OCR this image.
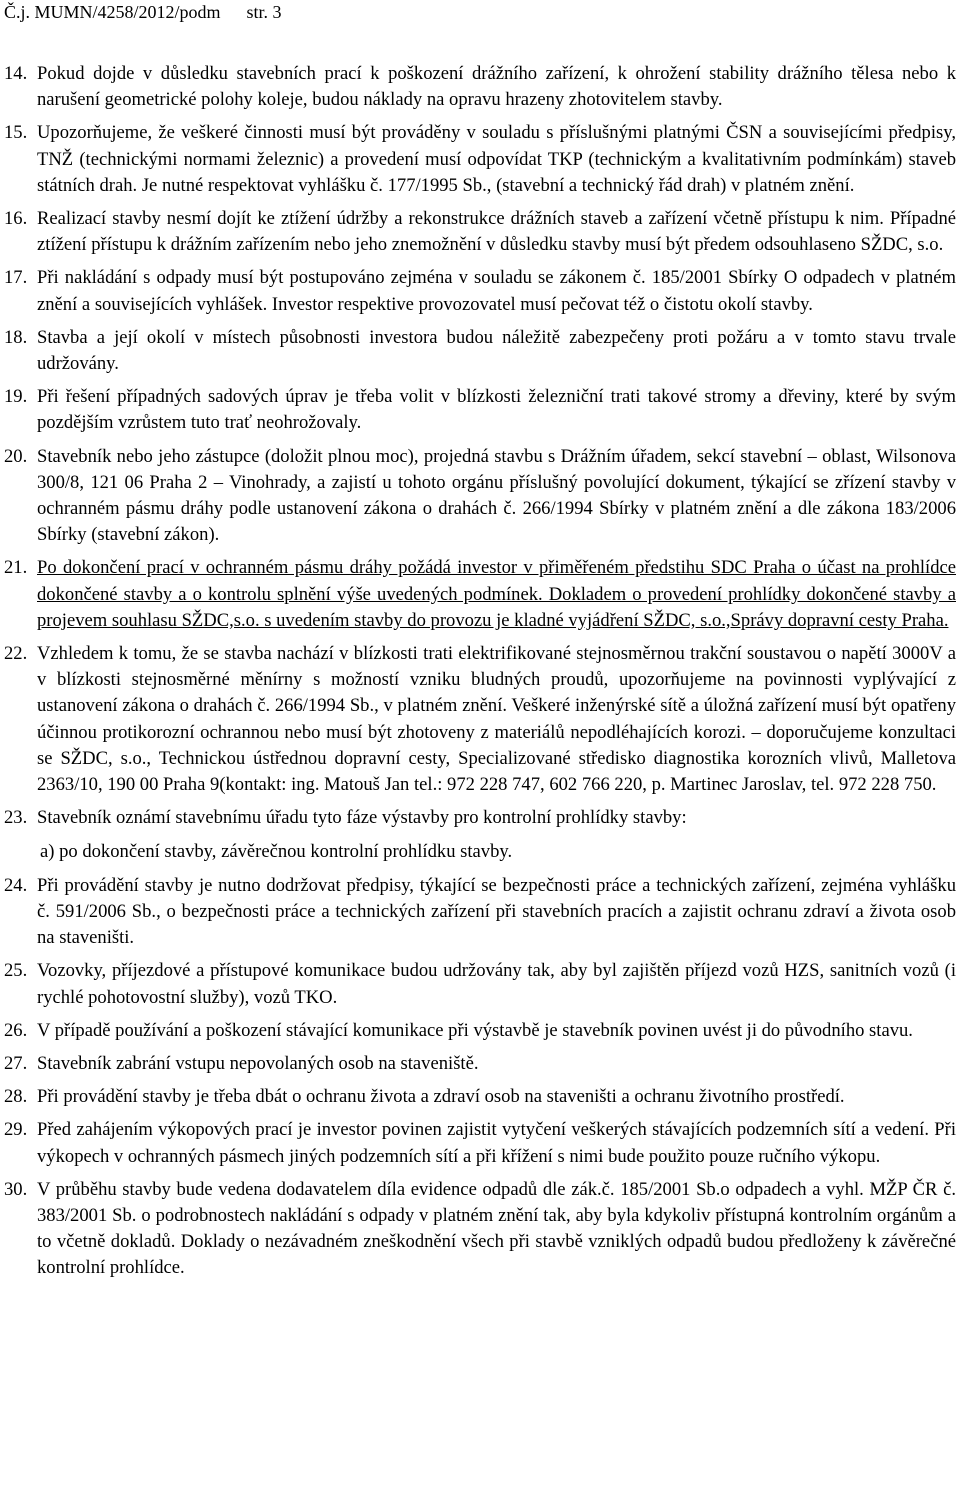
Č.j. MUMN/4258/2012/podm str. 3
14. Pokud dojde v důsledku stavebních prací k poškození drážního zařízení, k ohrožení stability drážního tělesa nebo k narušení geometrické polohy koleje, budou náklady na opravu hrazeny zhotovitelem stavby.
15. Upozorňujeme, že veškeré činnosti musí být prováděny v souladu s příslušnými platnými ČSN a souvisejícími předpisy, TNŽ (technickými normami železnic) a provedení musí odpovídat TKP (technickým a kvalitativním podmínkám) staveb státních drah. Je nutné respektovat vyhlášku č. 177/1995 Sb., (stavební a technický řád drah) v platném znění.
16. Realizací stavby nesmí dojít ke ztížení údržby a rekonstrukce drážních staveb a zařízení včetně přístupu k nim. Případné ztížení přístupu k drážním zařízením nebo jeho znemožnění v důsledku stavby musí být předem odsouhlaseno SŽDC, s.o.
17. Při nakládání s odpady musí být postupováno zejména v souladu se zákonem č. 185/2001 Sbírky O odpadech v platném znění a souvisejících vyhlášek. Investor respektive provozovatel musí pečovat též o čistotu okolí stavby.
18. Stavba a její okolí v místech působnosti investora budou náležitě zabezpečeny proti požáru a v tomto stavu trvale udržovány.
19. Při řešení případných sadových úprav je třeba volit v blízkosti železniční trati takové stromy a dřeviny, které by svým pozdějším vzrůstem tuto trať neohrožovaly.
20. Stavebník nebo jeho zástupce (doložit plnou moc), projedná stavbu s Drážním úřadem, sekcí stavební – oblast, Wilsonova 300/8, 121 06 Praha 2 – Vinohrady, a zajistí u tohoto orgánu příslušný povolující dokument, týkající se zřízení stavby v ochranném pásmu dráhy podle ustanovení zákona o drahách č. 266/1994 Sbírky v platném znění a dle zákona 183/2006 Sbírky (stavební zákon).
21. Po dokončení prací v ochranném pásmu dráhy požádá investor v přiměřeném předstihu SDC Praha o účast na prohlídce dokončené stavby a o kontrolu splnění výše uvedených podmínek. Dokladem o provedení prohlídky dokončené stavby a projevem souhlasu SŽDC,s.o. s uvedením stavby do provozu je kladné vyjádření SŽDC, s.o.,Správy dopravní cesty Praha.
22. Vzhledem k tomu, že se stavba nachází v blízkosti trati elektrifikované stejnosměrnou trakční soustavou o napětí 3000V a v blízkosti stejnosměrné měnírny s možností vzniku bludných proudů, upozorňujeme na povinnosti vyplývající z ustanovení zákona o drahách č. 266/1994 Sb., v platném znění. Veškeré inženýrské sítě a úložná zařízení musí být opatřeny účinnou protikorozní ochrannou nebo musí být zhotoveny z materiálů nepodléhajících korozi. – doporučujeme konzultaci se SŽDC, s.o., Technickou ústřednou dopravní cesty, Specializované středisko diagnostika korozních vlivů, Malletova 2363/10, 190 00 Praha 9(kontakt: ing. Matouš Jan tel.: 972 228 747, 602 766 220, p. Martinec Jaroslav, tel. 972 228 750.
23. Stavebník oznámí stavebnímu úřadu tyto fáze výstavby pro kontrolní prohlídky stavby:
a) po dokončení stavby, závěrečnou kontrolní prohlídku stavby.
24. Při provádění stavby je nutno dodržovat předpisy, týkající se bezpečnosti práce a technických zařízení, zejména vyhlášku č. 591/2006 Sb., o bezpečnosti práce a technických zařízení při stavebních pracích a zajistit ochranu zdraví a života osob na staveništi.
25. Vozovky, příjezdové a přístupové komunikace budou udržovány tak, aby byl zajištěn příjezd vozů HZS, sanitních vozů (i rychlé pohotovostní služby), vozů TKO.
26. V případě používání a poškození stávající komunikace při výstavbě je stavebník povinen uvést ji do původního stavu.
27. Stavebník zabrání vstupu nepovolaných osob na staveniště.
28. Při provádění stavby je třeba dbát o ochranu života a zdraví osob na staveništi a ochranu životního prostředí.
29. Před zahájením výkopových prací je investor povinen zajistit vytyčení veškerých stávajících podzemních sítí a vedení. Při výkopech v ochranných pásmech jiných podzemních sítí a při křížení s nimi bude použito pouze ručního výkopu.
30. V průběhu stavby bude vedena dodavatelem díla evidence odpadů dle zák.č. 185/2001 Sb.o odpadech a vyhl. MŽP ČR č. 383/2001 Sb. o podrobnostech nakládání s odpady v platném znění tak, aby byla kdykoliv přístupná kontrolním orgánům a to včetně dokladů. Doklady o nezávadném zneškodnění všech při stavbě vzniklých odpadů budou předloženy k závěrečné kontrolní prohlídce.
